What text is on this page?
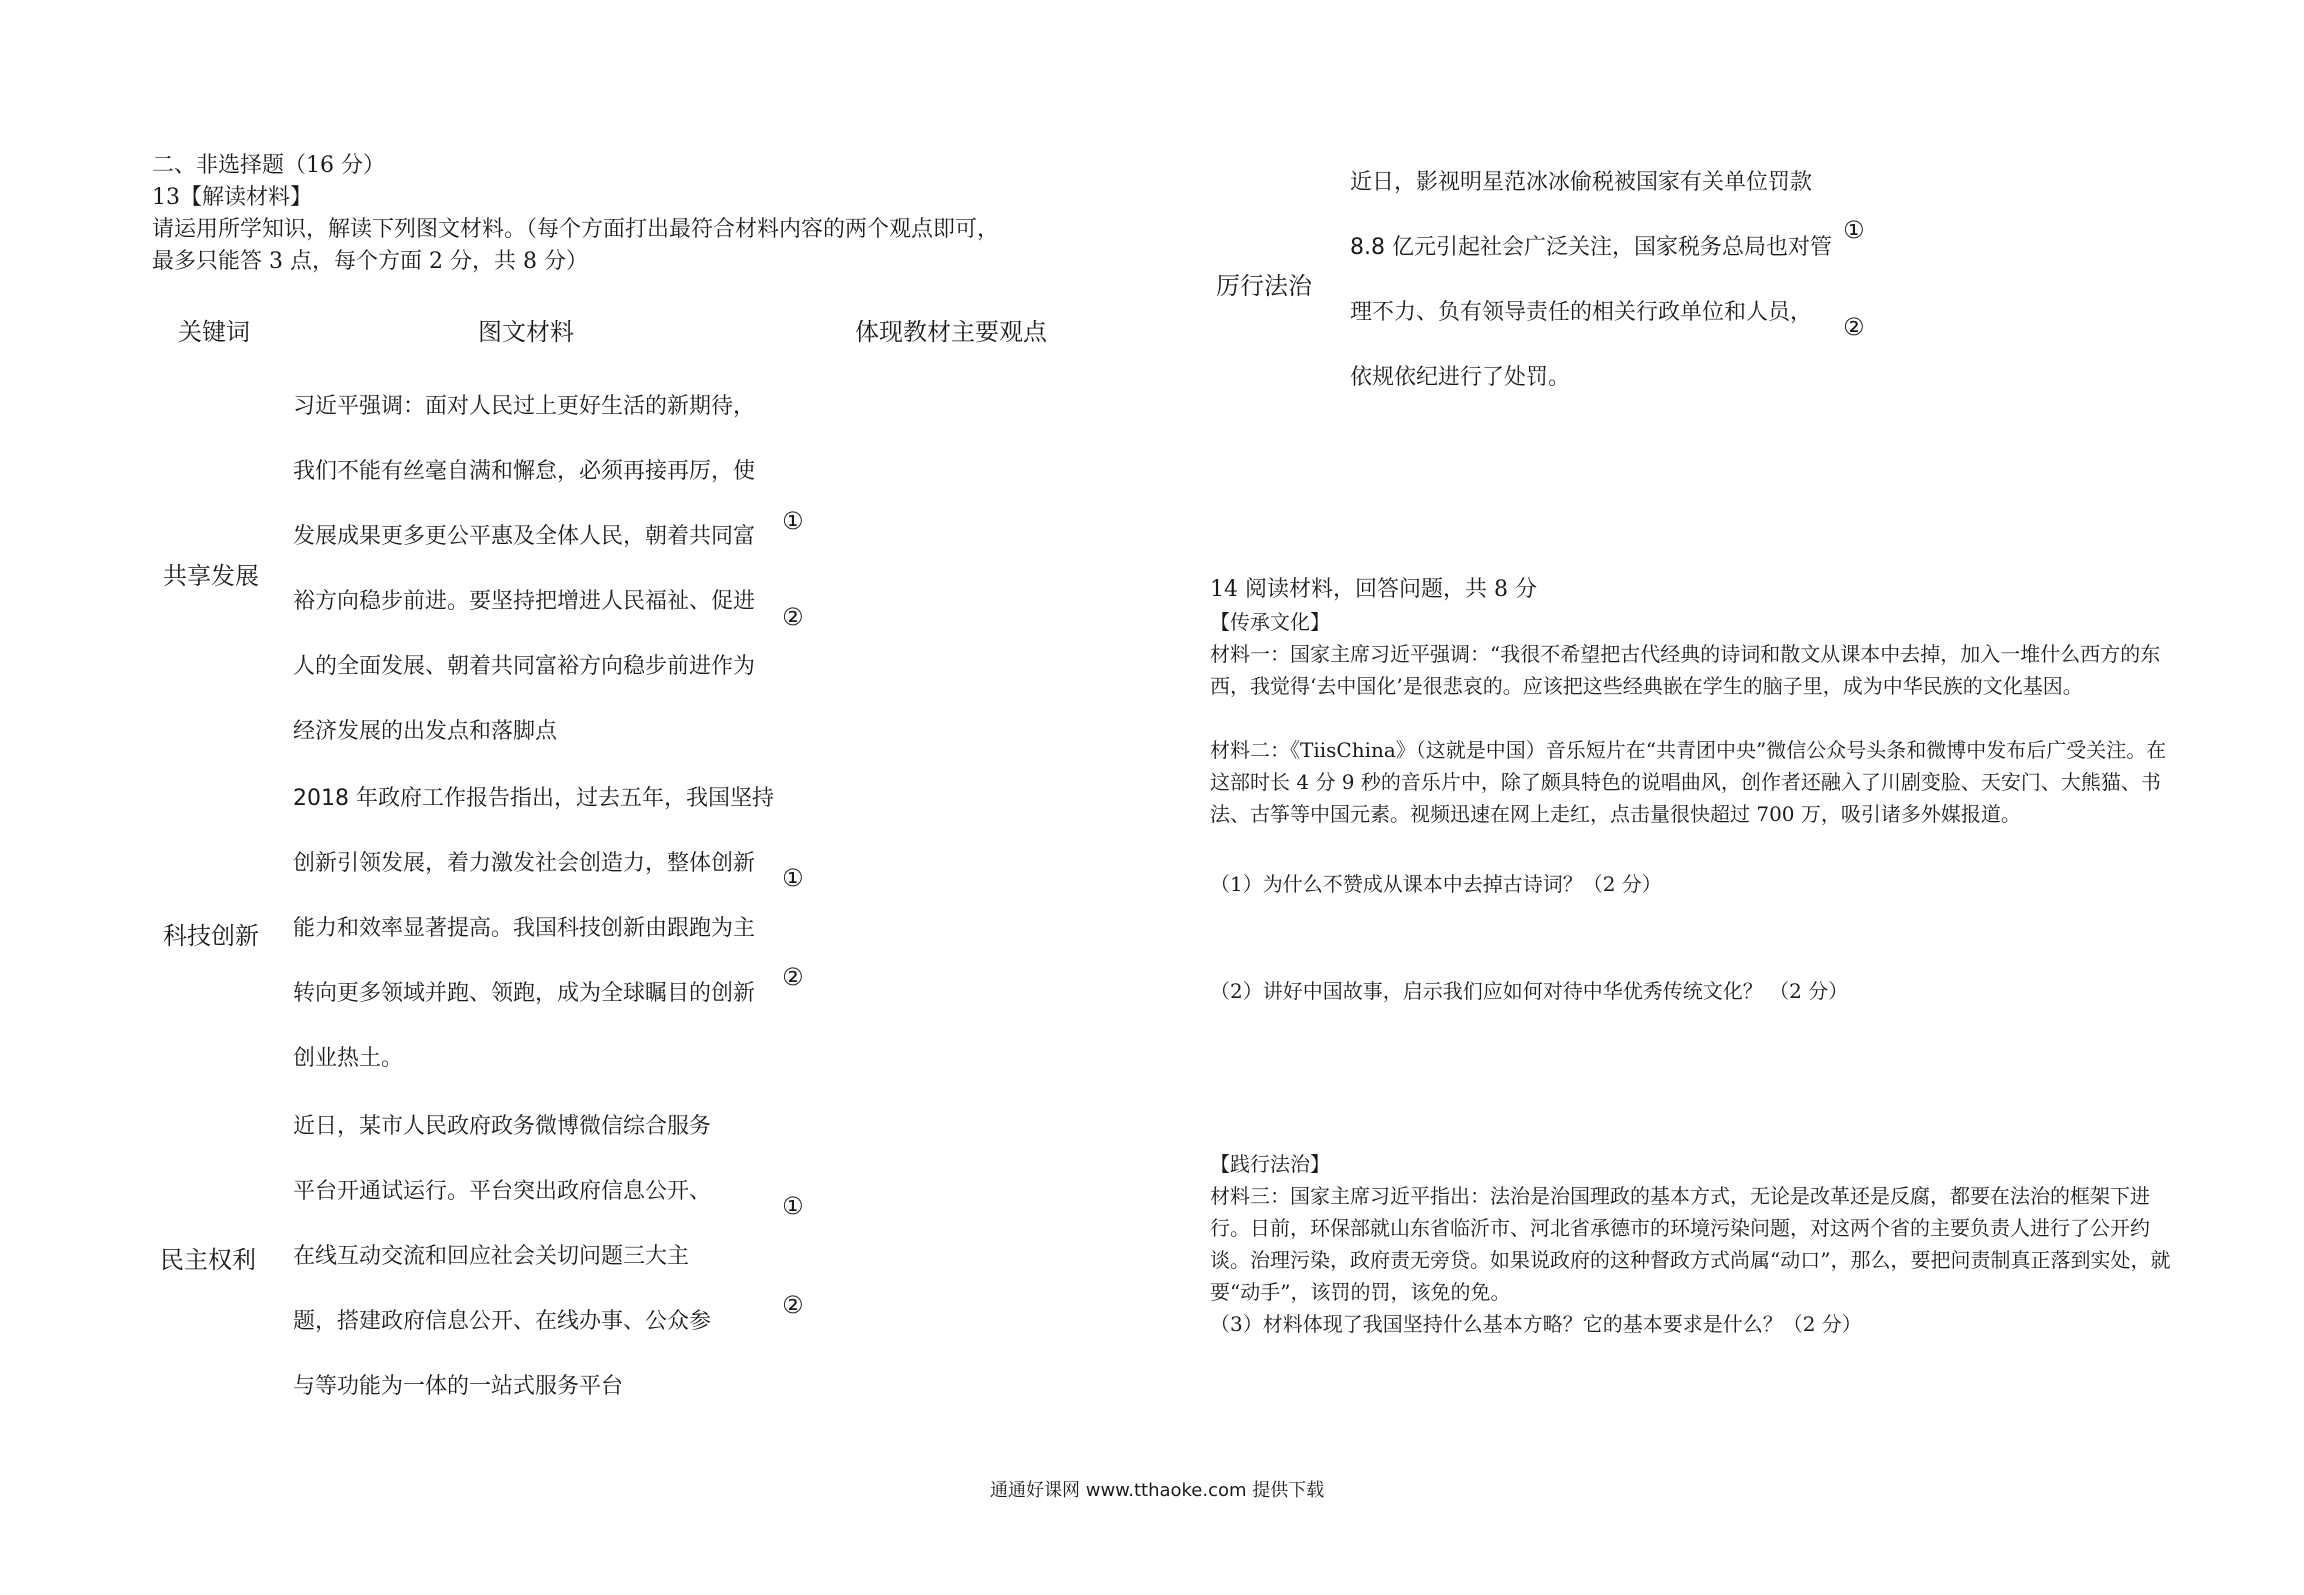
二、非选择题（16 分）
13【解读材料】
请运用所学知识，解读下列图文材料。（每个方面打出最符合材料内容的两个观点即可，
最多只能答 3 点，每个方面 2 分，共 8 分）
关键词	图文材料	体现教材主要观点
共享发展
习近平强调：面对人民过上更好生活的新期待，
我们不能有丝毫自满和懈怠，必须再接再厉，使
发展成果更多更公平惠及全体人民，朝着共同富
裕方向稳步前进。要坚持把增进人民福祉、促进
人的全面发展、朝着共同富裕方向稳步前进作为
经济发展的出发点和落脚点
①
②
科技创新
2018 年政府工作报告指出，过去五年，我国坚持
创新引领发展，着力激发社会创造力，整体创新
能力和效率显著提高。我国科技创新由跟跑为主
转向更多领域并跑、领跑，成为全球瞩目的创新
创业热土。
①
②
民主权利
近日，某市人民政府政务微博微信综合服务
平台开通试运行。平台突出政府信息公开、
在线互动交流和回应社会关切问题三大主
题，搭建政府信息公开、在线办事、公众参
与等功能为一体的一站式服务平台
①
②
厉行法治
近日，影视明星范冰冰偷税被国家有关单位罚款
8.8 亿元引起社会广泛关注，国家税务总局也对管
理不力、负有领导责任的相关行政单位和人员，
依规依纪进行了处罚。
①
②
14 阅读材料，回答问题，共 8 分
【传承文化】
材料一：国家主席习近平强调：“我很不希望把古代经典的诗词和散文从课本中去掉，加入一堆什么西方的东西，我觉得‘去中国化’是很悲哀的。应该把这些经典嵌在学生的脑子里，成为中华民族的文化基因。
材料二：《TiisChina》（这就是中国）音乐短片在“共青团中央”微信公众号头条和微博中发布后广受关注。在这部时长 4 分 9 秒的音乐片中，除了颇具特色的说唱曲风，创作者还融入了川剧变脸、天安门、大熊猫、书法、古筝等中国元素。视频迅速在网上走红，点击量很快超过 700 万，吸引诸多外媒报道。
（1）为什么不赞成从课本中去掉古诗词？（2 分）
（2）讲好中国故事，启示我们应如何对待中华优秀传统文化？ （2 分）
【践行法治】
材料三：国家主席习近平指出：法治是治国理政的基本方式，无论是改革还是反腐，都要在法治的框架下进行。日前，环保部就山东省临沂市、河北省承德市的环境污染问题，对这两个省的主要负责人进行了公开约谈。治理污染，政府责无旁贷。如果说政府的这种督政方式尚属“动口”，那么，要把问责制真正落到实处，就要“动手”，该罚的罚，该免的免。
（3）材料体现了我国坚持什么基本方略？它的基本要求是什么？（2 分）
通通好课网 www.tthaoke.com 提供下载
